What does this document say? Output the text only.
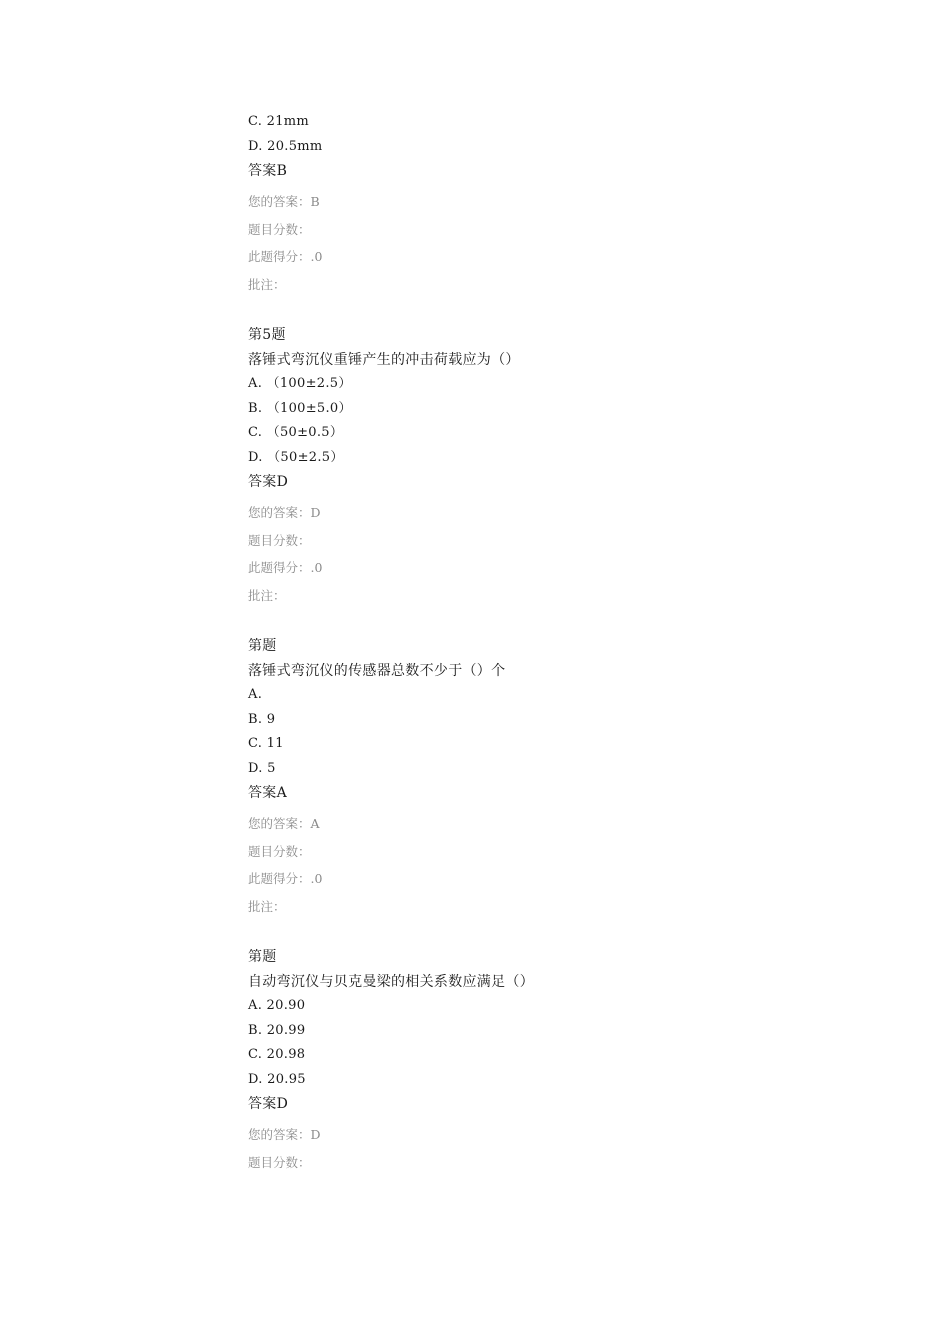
C. 21mm
D. 20.5mm
答案B
您的答案：B
题目分数：
此题得分：.0
批注：
第5题
落锤式弯沉仪重锤产生的冲击荷载应为（）
A. （100±2.5）
B. （100±5.0）
C. （50±0.5）
D. （50±2.5）
答案D
您的答案：D
题目分数：
此题得分：.0
批注：
第题
落锤式弯沉仪的传感器总数不少于（）个
A.
B. 9
C. 11
D. 5
答案A
您的答案：A
题目分数：
此题得分：.0
批注：
第题
自动弯沉仪与贝克曼梁的相关系数应满足（）
A. 20.90
B. 20.99
C. 20.98
D. 20.95
答案D
您的答案：D
题目分数：
